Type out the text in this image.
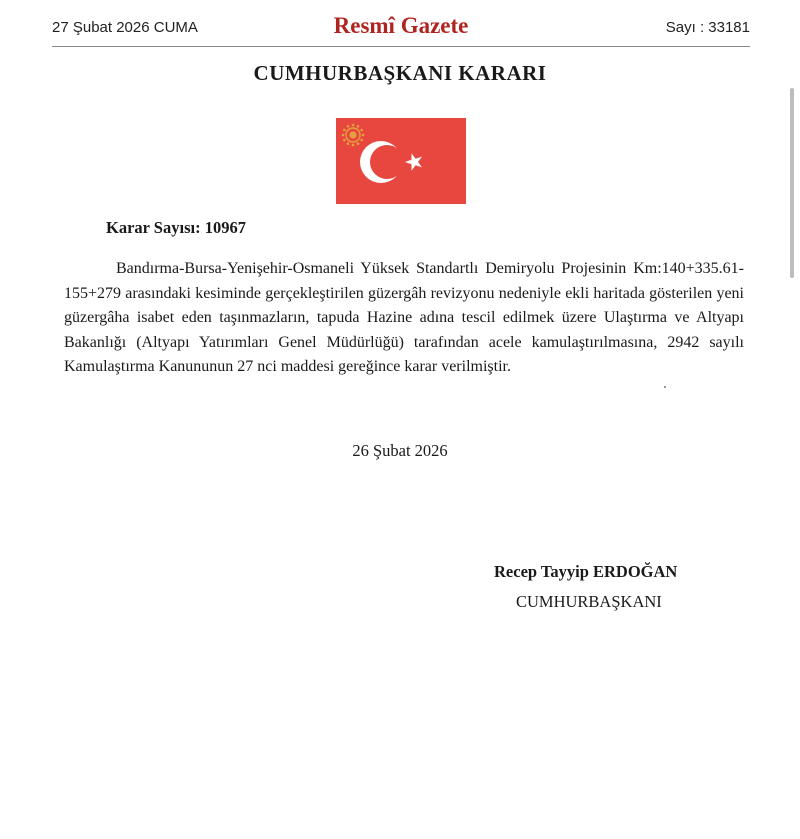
27 Şubat 2026 CUMA	Resmî Gazete	Sayı : 33181
CUMHURBAŞKANI KARARI
Karar Sayısı: 10967

Bandırma-Bursa-Yenişehir-Osmaneli Yüksek Standartlı Demiryolu Projesinin Km:140+335.61-155+279 arasındaki kesiminde gerçekleştirilen güzergâh revizyonu nedeniyle ekli haritada gösterilen yeni güzergâha isabet eden taşınmazların, tapuda Hazine adına tescil edilmek üzere Ulaştırma ve Altyapı Bakanlığı (Altyapı Yatırımları Genel Müdürlüğü) tarafından acele kamulaştırılmasına, 2942 sayılı Kamulaştırma Kanununun 27 nci maddesi gereğince karar verilmiştir.

26 Şubat 2026
Recep Tayyip ERDOĞAN
CUMHURBAŞKANI
